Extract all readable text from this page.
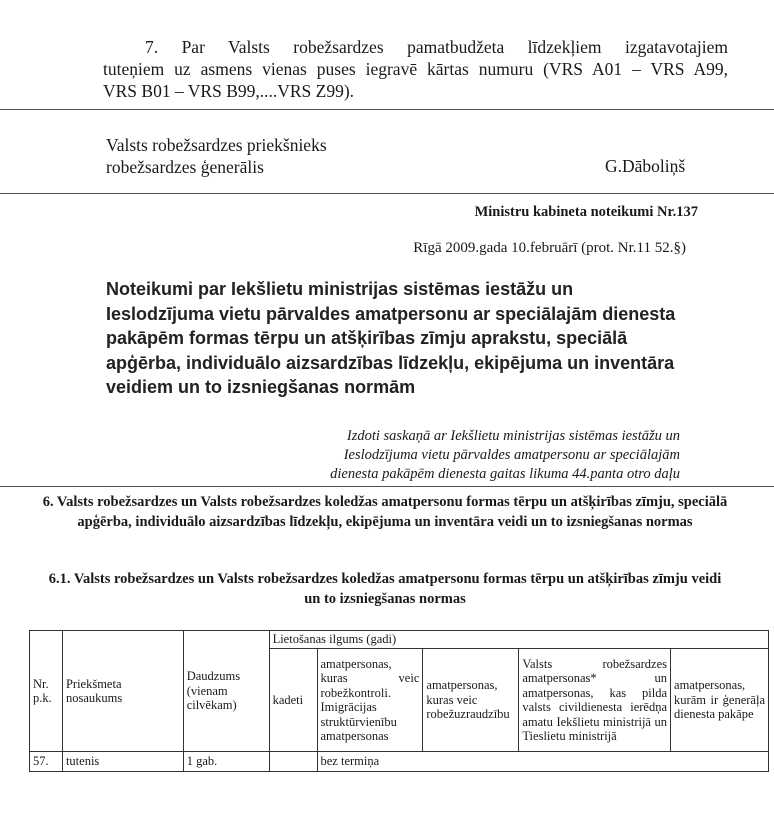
7. Par Valsts robežsardzes pamatbudžeta līdzekļiem izgatavotajiem
tuteņiem uz asmens vienas puses iegravē kārtas numuru (VRS A01 – VRS A99,
VRS B01 – VRS B99,....VRS Z99).
Valsts robežsardzes priekšnieks
robežsardzes ģenerālis	G.Dāboliņš
Ministru kabineta noteikumi Nr.137
Rīgā 2009.gada 10.februārī (prot. Nr.11 52.§)
Noteikumi par Iekšlietu ministrijas sistēmas iestāžu un Ieslodzījuma vietu pārvaldes amatpersonu ar speciālajām dienesta pakāpēm formas tērpu un atšķirības zīmju aprakstu, speciālā apģērba, individuālo aizsardzības līdzekļu, ekipējuma un inventāra veidiem un to izsniegšanas normām
Izdoti saskaņā ar Iekšlietu ministrijas sistēmas iestāžu un
Ieslodzījuma vietu pārvaldes amatpersonu ar speciālajām
dienesta pakāpēm dienesta gaitas likuma 44.panta otro daļu
6. Valsts robežsardzes un Valsts robežsardzes koledžas amatpersonu formas tērpu un atšķirības zīmju, speciālā apģērba, individuālo aizsardzības līdzekļu, ekipējuma un inventāra veidi un to izsniegšanas normas
6.1. Valsts robežsardzes un Valsts robežsardzes koledžas amatpersonu formas tērpu un atšķirības zīmju veidi un to izsniegšanas normas
Nr. p.k.	Priekšmeta nosaukums	Daudzums (vienam cilvēkam)	Lietošanas ilgums (gadi)				
			kadeti	amatpersonas, kuras veic robežkontroli. Imigrācijas struktūrvienību amatpersonas	amatpersonas, kuras veic robežuzraudzību	Valsts robežsardzes amatpersonas* un amatpersonas, kas pilda valsts civildienesta ierēdņa amatu Iekšlietu ministrijā un Tieslietu ministrijā	amatpersonas, kurām ir ģenerāļa dienesta pakāpe
57.	tutenis	1 gab.		bez termiņa			
